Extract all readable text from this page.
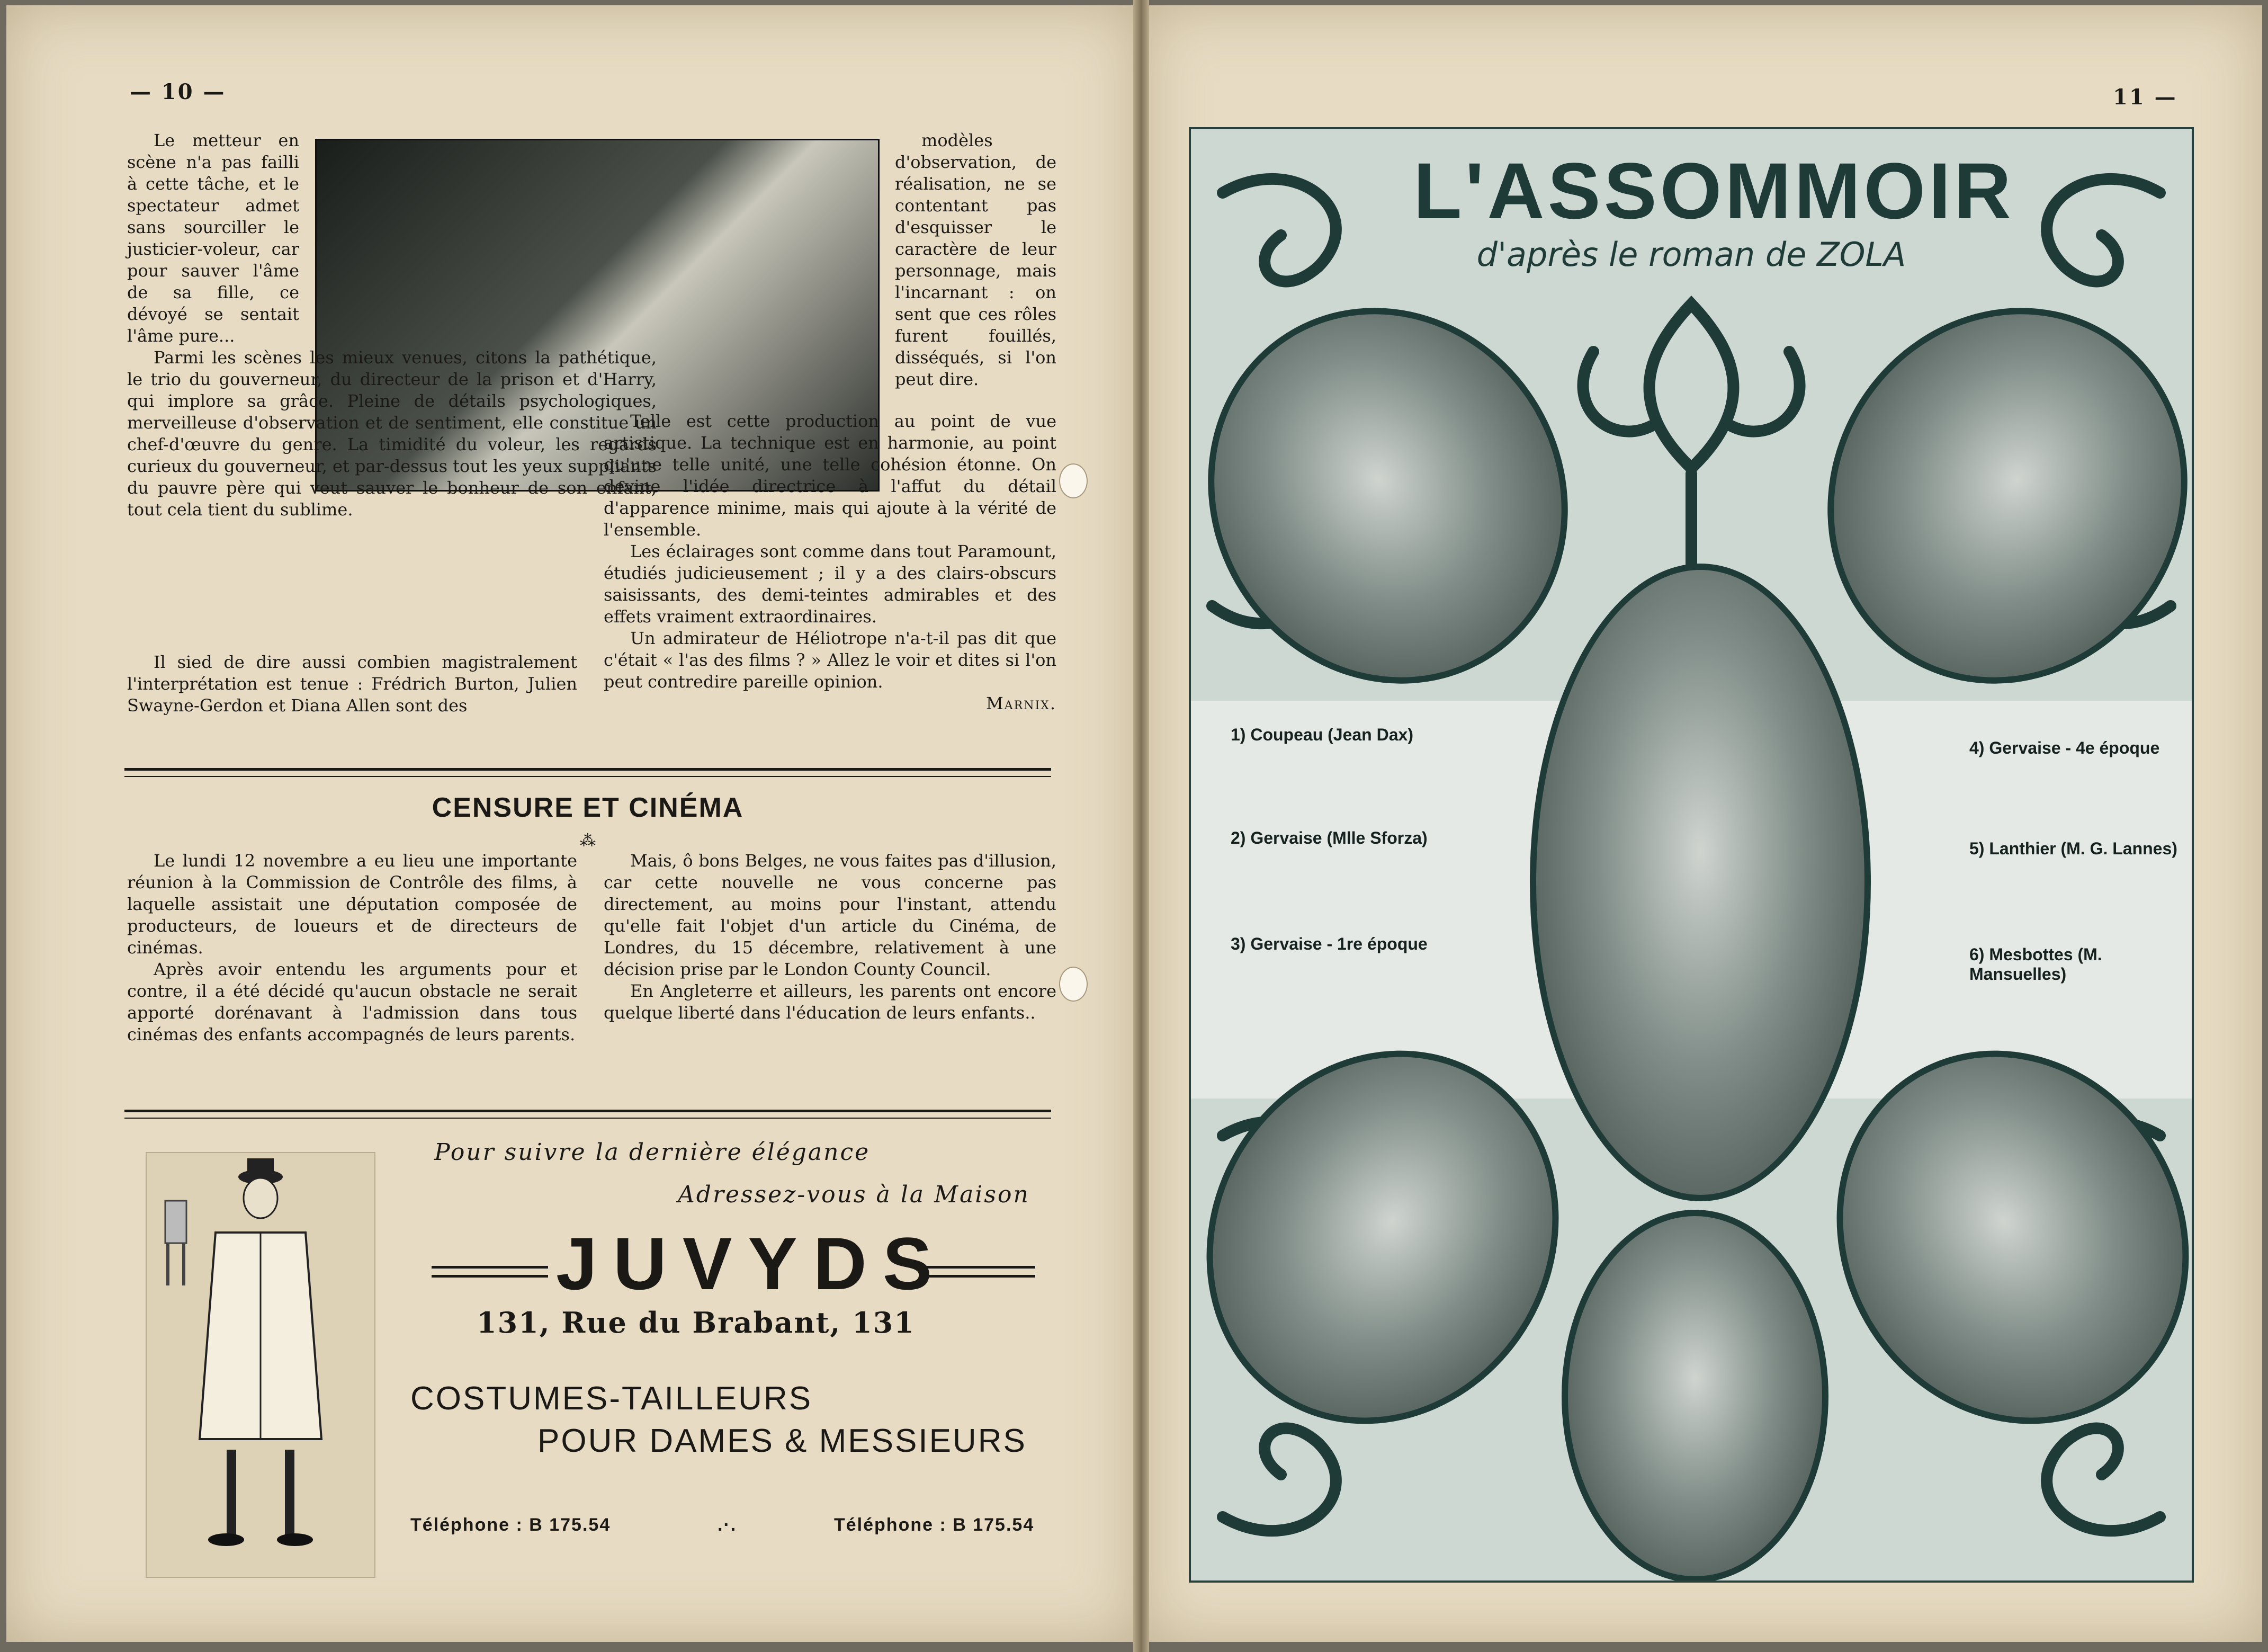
— 10 —

Le metteur en scène n'a pas failli à cette tâche, et le spectateur admet sans sourciller le justicier-voleur, car pour sauver l'âme de sa fille, ce dévoyé se sentait l'âme pure...

Parmi les scènes les mieux venues, citons la pathétique, le trio du gouverneur, du directeur de la prison et d'Harry, qui implore sa grâce. Pleine de détails psychologiques, merveilleuse d'observation et de sentiment, elle constitue un chef-d'œuvre du genre. La timidité du voleur, les regards curieux du gouverneur, et par-dessus tout les yeux suppliants du pauvre père qui veut sauver le bonheur de son enfant, tout cela tient du sublime.

Il sied de dire aussi combien magistralement l'interprétation est tenue : Frédrich Burton, Julien Swayne-Gerdon et Diana Allen sont des

modèles d'observation, de réalisation, ne se contentant pas d'esquisser le caractère de leur personnage, mais l'incarnant : on sent que ces rôles furent fouillés, disséqués, si l'on peut dire.

Telle est cette production au point de vue artistique. La technique est en harmonie, au point qu'une telle unité, une telle cohésion étonne. On devine l'idée directrice à l'affut du détail d'apparence minime, mais qui ajoute à la vérité de l'ensemble.

Les éclairages sont comme dans tout Paramount, étudiés judicieusement ; il y a des clairs-obscurs saisissants, des demi-teintes admirables et des effets vraiment extraordinaires.

Un admirateur de Héliotrope n'a-t-il pas dit que c'était « l'as des films ? » Allez le voir et dites si l'on peut contredire pareille opinion.

Marnix.
CENSURE ET CINÉMA
⁂

Le lundi 12 novembre a eu lieu une importante réunion à la Commission de Contrôle des films, à laquelle assistait une députation composée de producteurs, de loueurs et de directeurs de cinémas.

Après avoir entendu les arguments pour et contre, il a été décidé qu'aucun obstacle ne serait apporté dorénavant à l'admission dans tous cinémas des enfants accompagnés de leurs parents.

Mais, ô bons Belges, ne vous faites pas d'illusion, car cette nouvelle ne vous concerne pas directement, au moins pour l'instant, attendu qu'elle fait l'objet d'un article du Cinéma, de Londres, du 15 décembre, relativement à une décision prise par le London County Council.

En Angleterre et ailleurs, les parents ont encore quelque liberté dans l'éducation de leurs enfants..

Pour suivre la dernière élégance
Adressez-vous à la Maison
JUVYDS
131, Rue du Brabant, 131
COSTUMES-TAILLEURS
POUR DAMES & MESSIEURS
Téléphone : B 175.54	.·.	Téléphone : B 175.54
11 —
L'ASSOMMOIR
d'après le roman de ZOLA
1) Coupeau (Jean Dax)
2) Gervaise (Mlle Sforza)
3) Gervaise - 1re époque
4) Gervaise - 4e époque
5) Lanthier (M. G. Lannes)
6) Mesbottes (M. Mansuelles)
